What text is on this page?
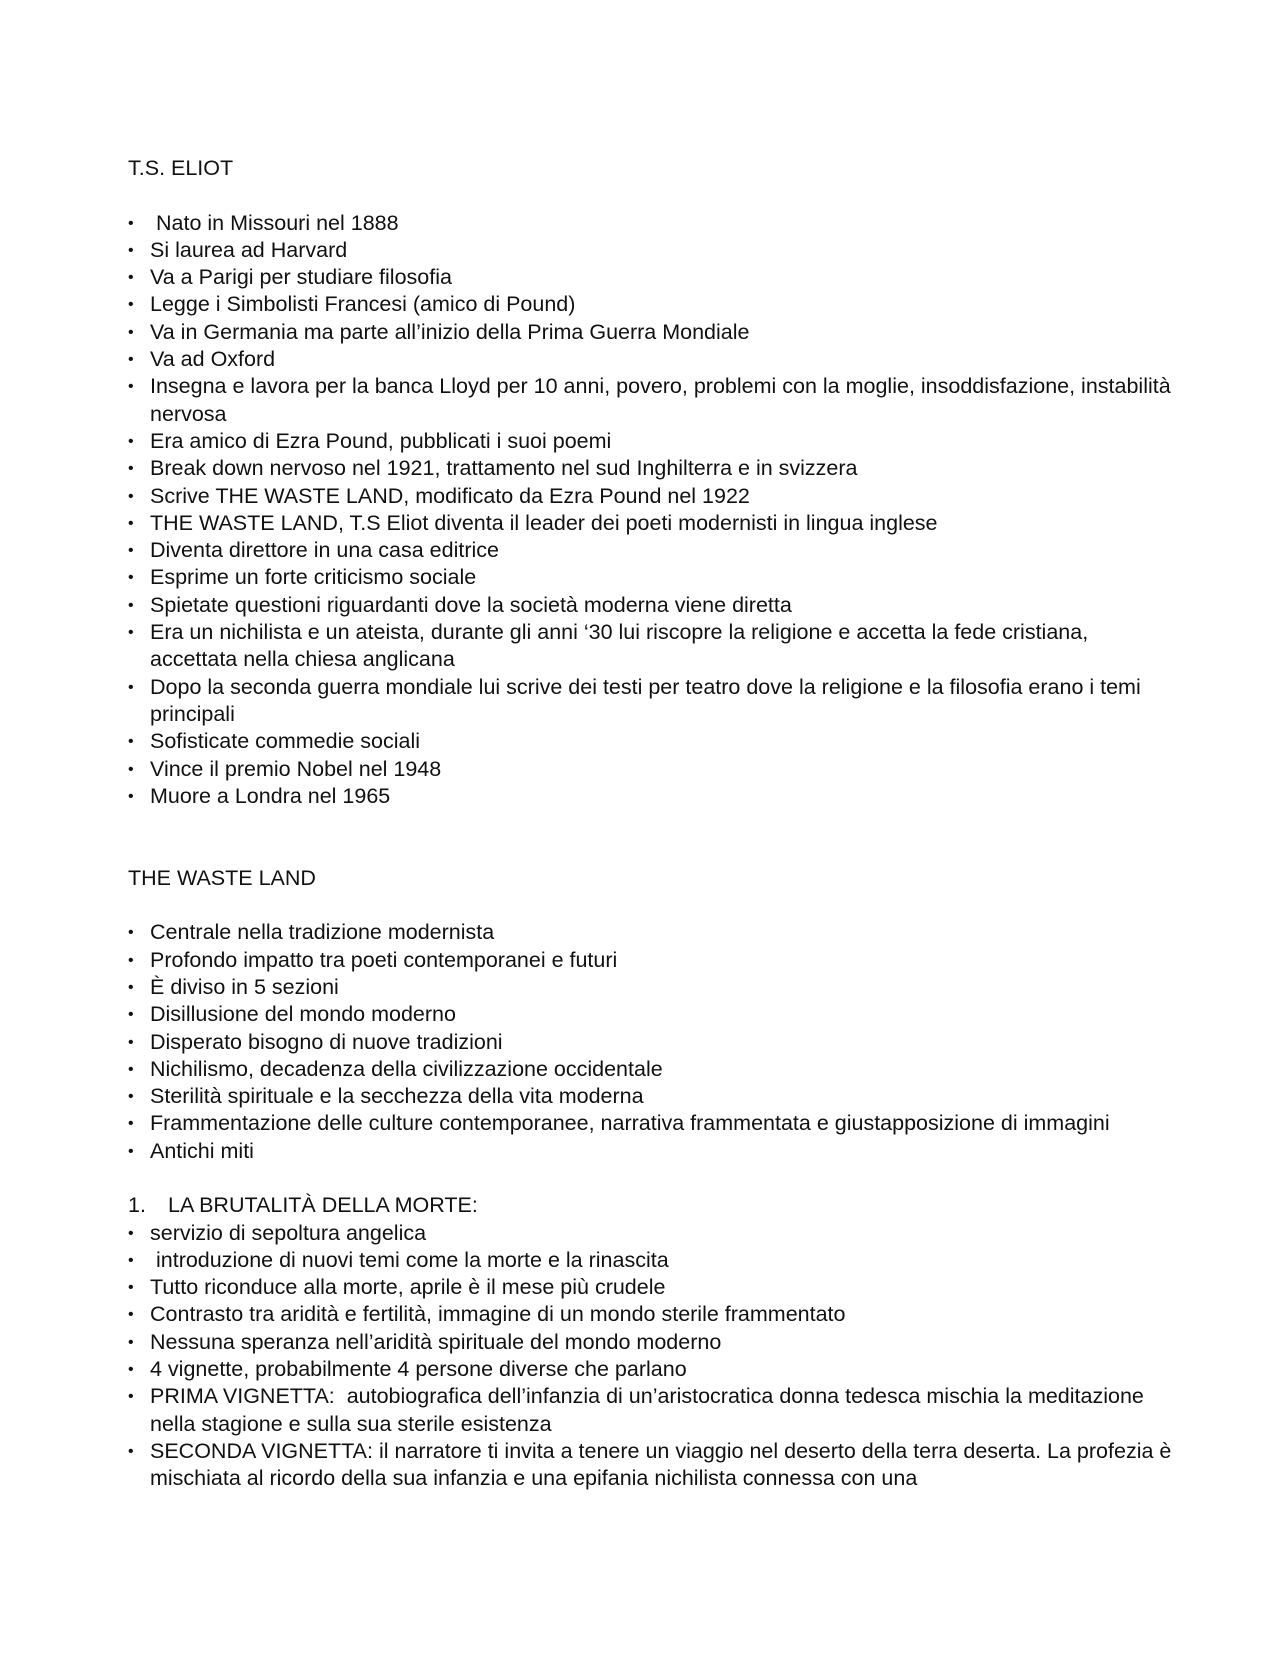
T.S. ELIOT
• Nato in Missouri nel 1888
• Si laurea ad Harvard
• Va a Parigi per studiare filosofia
• Legge i Simbolisti Francesi (amico di Pound)
• Va in Germania ma parte all’inizio della Prima Guerra Mondiale
• Va ad Oxford
• Insegna e lavora per la banca Lloyd per 10 anni, povero, problemi con la moglie, insoddisfazione, instabilità nervosa
• Era amico di Ezra Pound, pubblicati i suoi poemi
• Break down nervoso nel 1921, trattamento nel sud Inghilterra e in svizzera
• Scrive THE WASTE LAND, modificato da Ezra Pound nel 1922
• THE WASTE LAND, T.S Eliot diventa il leader dei poeti modernisti in lingua inglese
• Diventa direttore in una casa editrice
• Esprime un forte criticismo sociale
• Spietate questioni riguardanti dove la società moderna viene diretta
• Era un nichilista e un ateista, durante gli anni ‘30 lui riscopre la religione e accetta la fede cristiana, accettata nella chiesa anglicana
• Dopo la seconda guerra mondiale lui scrive dei testi per teatro dove la religione e la filosofia erano i temi principali
• Sofisticate commedie sociali
• Vince il premio Nobel nel 1948
• Muore a Londra nel 1965
THE WASTE LAND
• Centrale nella tradizione modernista
• Profondo impatto tra poeti contemporanei e futuri
• È diviso in 5 sezioni
• Disillusione del mondo moderno
• Disperato bisogno di nuove tradizioni
• Nichilismo, decadenza della civilizzazione occidentale
• Sterilità spirituale e la secchezza della vita moderna
• Frammentazione delle culture contemporanee, narrativa frammentata e giustapposizione di immagini
• Antichi miti
1. LA BRUTALITÀ DELLA MORTE:
• servizio di sepoltura angelica
• introduzione di nuovi temi come la morte e la rinascita
• Tutto riconduce alla morte, aprile è il mese più crudele
• Contrasto tra aridità e fertilità, immagine di un mondo sterile frammentato
• Nessuna speranza nell’aridità spirituale del mondo moderno
• 4 vignette, probabilmente 4 persone diverse che parlano
• PRIMA VIGNETTA:  autobiografica dell’infanzia di un’aristocratica donna tedesca mischia la meditazione nella stagione e sulla sua sterile esistenza
• SECONDA VIGNETTA: il narratore ti invita a tenere un viaggio nel deserto della terra deserta. La profezia è mischiata al ricordo della sua infanzia e una epifania nichilista connessa con una
